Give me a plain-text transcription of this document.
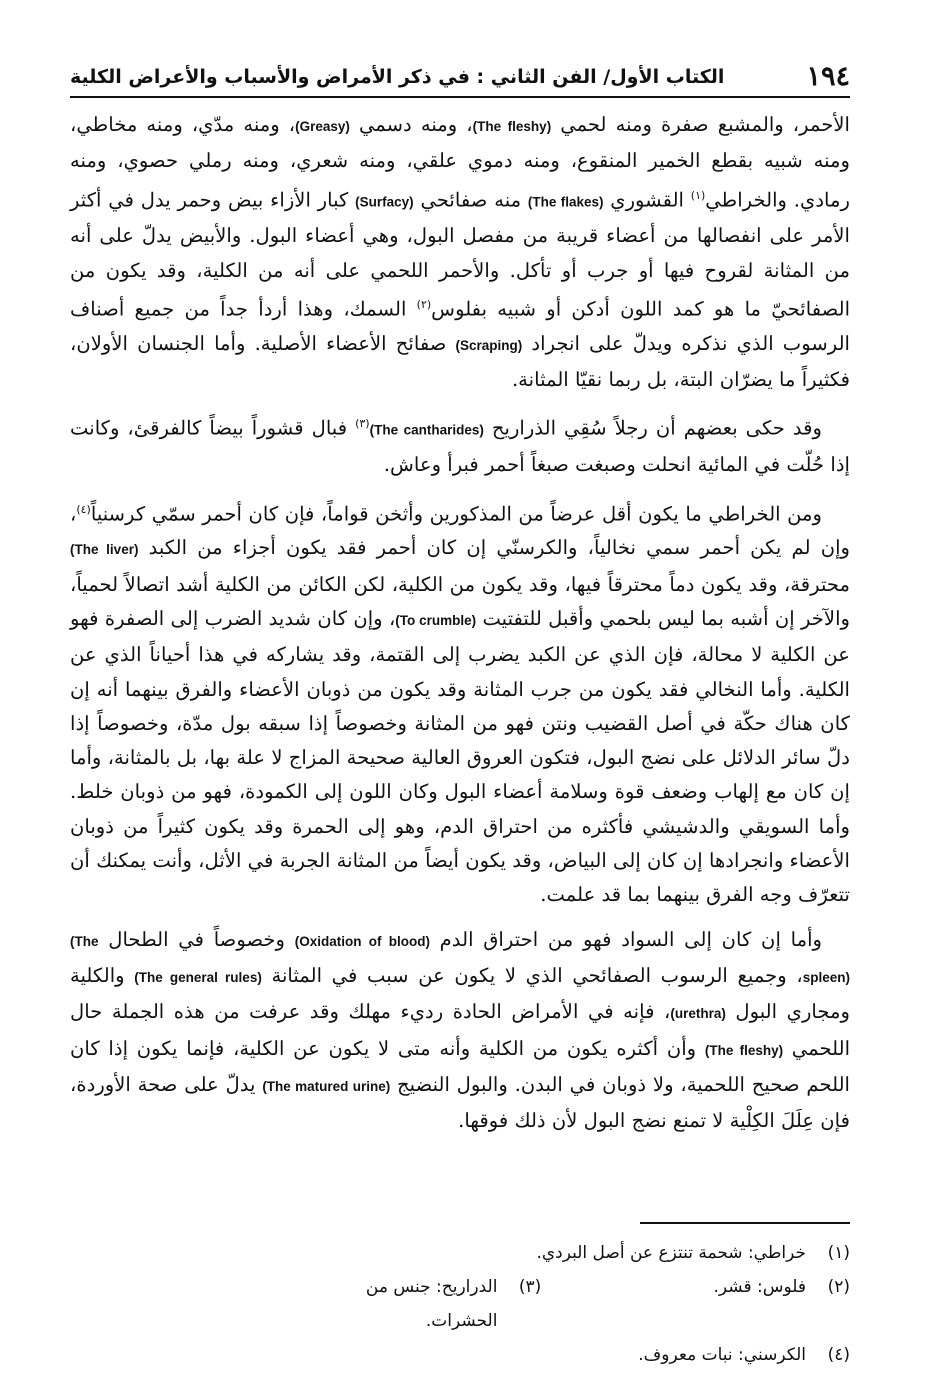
١٩٤
الكتاب الأول/ الفن الثاني : في ذكر الأمراض والأسباب والأعراض الكلية

الأحمر، والمشبع صفرة ومنه لحمي (The fleshy)، ومنه دسمي (Greasy)، ومنه مدّي، ومنه مخاطي، ومنه شبيه بقطع الخمير المنقوع، ومنه دموي علقي، ومنه شعري، ومنه رملي حصوي، ومنه رمادي. والخراطي$^{(١)}$ القشوري (The flakes) منه صفائحي (Surfacy) كبار الأزاء بيض وحمر يدل في أكثر الأمر على انفصالها من أعضاء قريبة من مفصل البول، وهي أعضاء البول. والأبيض يدلّ على أنه من المثانة لقروح فيها أو جرب أو تأكل. والأحمر اللحمي على أنه من الكلية، وقد يكون من الصفائحيّ ما هو كمد اللون أدكن أو شبيه بفلوس$^{(٢)}$ السمك، وهذا أردأ جداً من جميع أصناف الرسوب الذي نذكره ويدلّ على انجراد (Scraping) صفائح الأعضاء الأصلية. وأما الجنسان الأولان، فكثيراً ما يضرّان البتة، بل ربما نقيّا المثانة.

وقد حكى بعضهم أن رجلاً سُقِي الذراريح (The cantharides)$^{(٣)}$ فبال قشوراً بيضاً كالفرقئ، وكانت إذا حُلّت في المائية انحلت وصبغت صبغاً أحمر فبرأ وعاش.

ومن الخراطي ما يكون أقل عرضاً من المذكورين وأثخن قواماً، فإن كان أحمر سمّي كرسنياً$^{(٤)}$، وإن لم يكن أحمر سمي نخالياً، والكرسنّي إن كان أحمر فقد يكون أجزاء من الكبد (The liver) محترقة، وقد يكون دماً محترقاً فيها، وقد يكون من الكلية، لكن الكائن من الكلية أشد اتصالاً لحمياً، والآخر إن أشبه بما ليس بلحمي وأقبل للتفتيت (To crumble)، وإن كان شديد الضرب إلى الصفرة فهو عن الكلية لا محالة، فإن الذي عن الكبد يضرب إلى القتمة، وقد يشاركه في هذا أحياناً الذي عن الكلية. وأما النخالي فقد يكون من جرب المثانة وقد يكون من ذوبان الأعضاء والفرق بينهما أنه إن كان هناك حكّة في أصل القضيب ونتن فهو من المثانة وخصوصاً إذا سبقه بول مدّة، وخصوصاً إذا دلّ سائر الدلائل على نضج البول، فتكون العروق العالية صحيحة المزاج لا علة بها، بل بالمثانة، وأما إن كان مع إلهاب وضعف قوة وسلامة أعضاء البول وكان اللون إلى الكمودة، فهو من ذوبان خلط. وأما السويقي والدشيشي فأكثره من احتراق الدم، وهو إلى الحمرة وقد يكون كثيراً من ذوبان الأعضاء وانجرادها إن كان إلى البياض، وقد يكون أيضاً من المثانة الجربة في الأثل، وأنت يمكنك أن تتعرّف وجه الفرق بينهما بما قد علمت.

وأما إن كان إلى السواد فهو من احتراق الدم (Oxidation of blood) وخصوصاً في الطحال (The spleen)، وجميع الرسوب الصفائحي الذي لا يكون عن سبب في المثانة (The general rules) والكلية ومجاري البول (urethra)، فإنه في الأمراض الحادة رديء مهلك وقد عرفت من هذه الجملة حال اللحمي (The fleshy) وأن أكثره يكون من الكلية وأنه متى لا يكون عن الكلية، فإنما يكون إذا كان اللحم صحيح اللحمية، ولا ذوبان في البدن. والبول النضيج (The matured urine) يدلّ على صحة الأوردة، فإن عِلَلَ الكِلْية لا تمنع نضج البول لأن ذلك فوقها.

(١)
خراطي: شحمة تنتزع عن أصل البردي.
(٢)
فلوس: قشر.
(٣)
الدراريح: جنس من الحشرات.
(٤)
الكرسني: نبات معروف.
